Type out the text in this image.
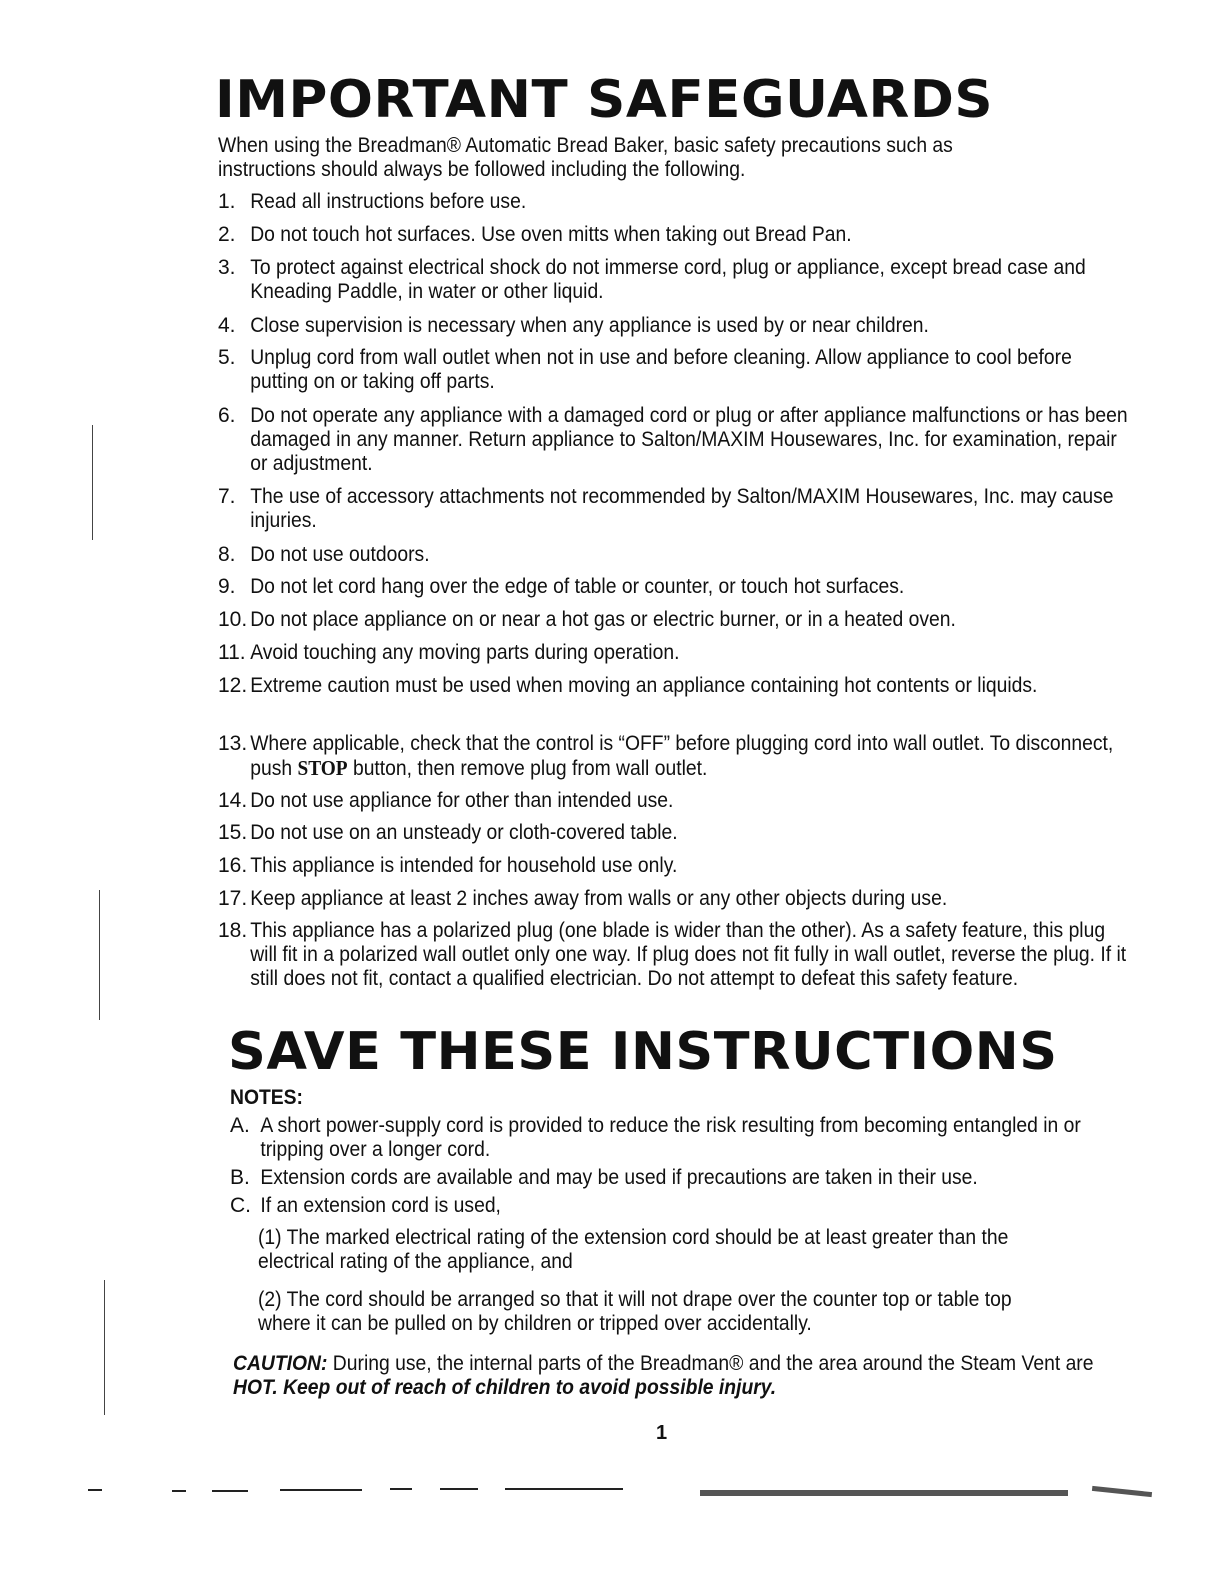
IMPORTANT SAFEGUARDS
When using the Breadman® Automatic Bread Baker, basic safety precautions such as instructions should always be followed including the following.
1. Read all instructions before use.
2. Do not touch hot surfaces. Use oven mitts when taking out Bread Pan.
3. To protect against electrical shock do not immerse cord, plug or appliance, except bread case and Kneading Paddle, in water or other liquid.
4. Close supervision is necessary when any appliance is used by or near children.
5. Unplug cord from wall outlet when not in use and before cleaning. Allow appliance to cool before putting on or taking off parts.
6. Do not operate any appliance with a damaged cord or plug or after appliance malfunctions or has been damaged in any manner. Return appliance to Salton/MAXIM Housewares, Inc. for examination, repair or adjustment.
7. The use of accessory attachments not recommended by Salton/MAXIM Housewares, Inc. may cause injuries.
8. Do not use outdoors.
9. Do not let cord hang over the edge of table or counter, or touch hot surfaces.
10. Do not place appliance on or near a hot gas or electric burner, or in a heated oven.
11. Avoid touching any moving parts during operation.
12. Extreme caution must be used when moving an appliance containing hot contents or liquids.
13. Where applicable, check that the control is “OFF” before plugging cord into wall outlet. To disconnect, push STOP button, then remove plug from wall outlet.
14. Do not use appliance for other than intended use.
15. Do not use on an unsteady or cloth-covered table.
16. This appliance is intended for household use only.
17. Keep appliance at least 2 inches away from walls or any other objects during use.
18. This appliance has a polarized plug (one blade is wider than the other). As a safety feature, this plug will fit in a polarized wall outlet only one way. If plug does not fit fully in wall outlet, reverse the plug. If it still does not fit, contact a qualified electrician. Do not attempt to defeat this safety feature.
SAVE THESE INSTRUCTIONS
NOTES:
A. A short power-supply cord is provided to reduce the risk resulting from becoming entangled in or tripping over a longer cord.
B. Extension cords are available and may be used if precautions are taken in their use.
C. If an extension cord is used,
(1) The marked electrical rating of the extension cord should be at least greater than the electrical rating of the appliance, and
(2) The cord should be arranged so that it will not drape over the counter top or table top where it can be pulled on by children or tripped over accidentally.
CAUTION: During use, the internal parts of the Breadman® and the area around the Steam Vent are HOT. Keep out of reach of children to avoid possible injury.
1
